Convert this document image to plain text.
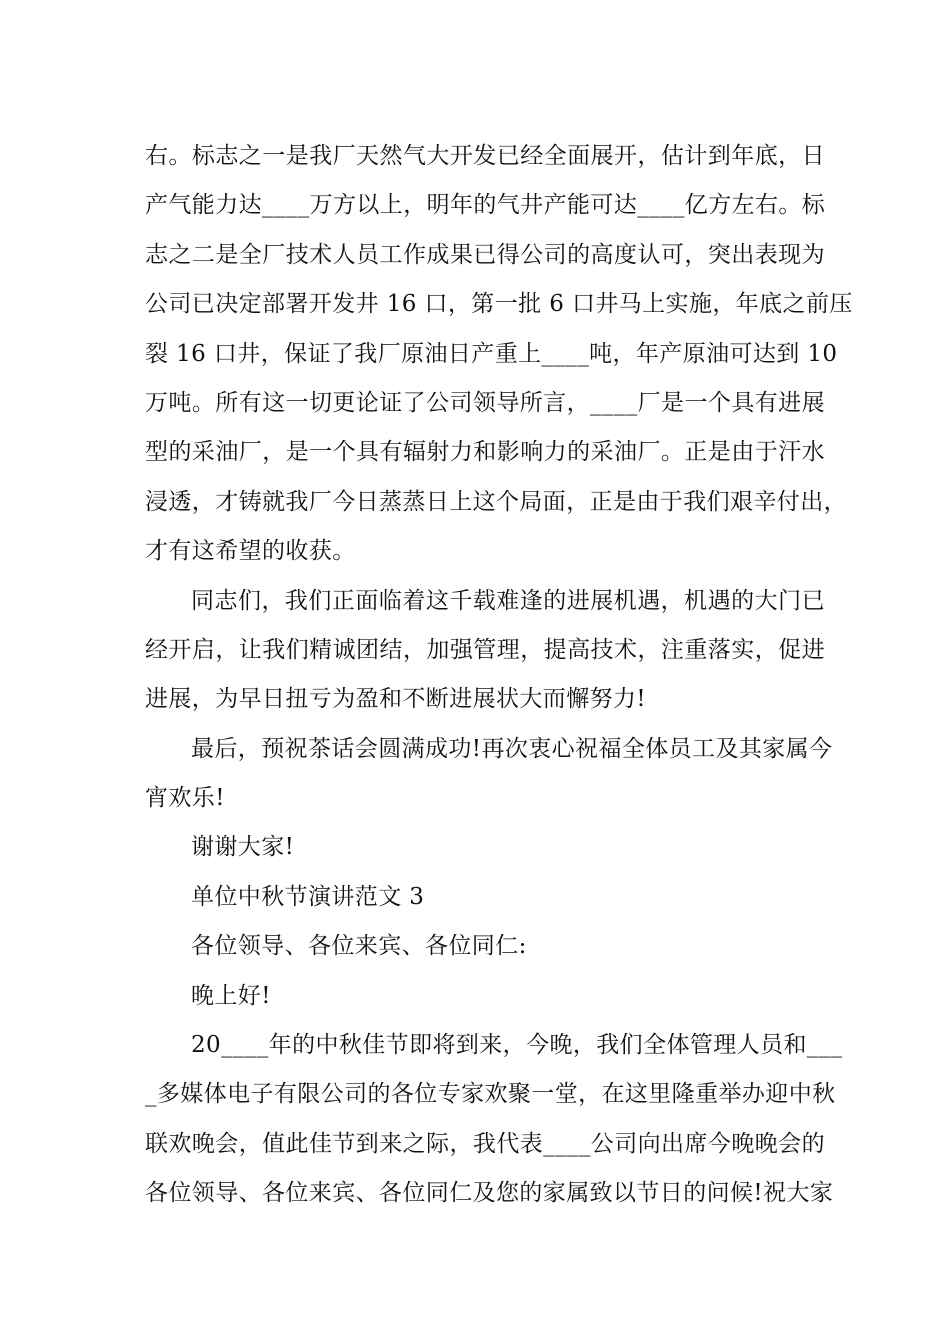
右。标志之一是我厂天然气大开发已经全面展开，估计到年底，日
产气能力达____万方以上，明年的气井产能可达____亿方左右。标
志之二是全厂技术人员工作成果已得公司的高度认可，突出表现为
公司已决定部署开发井 16 口，第一批 6 口井马上实施，年底之前压
裂 16 口井，保证了我厂原油日产重上____吨，年产原油可达到 10
万吨。所有这一切更论证了公司领导所言，____厂是一个具有进展
型的采油厂，是一个具有辐射力和影响力的采油厂。正是由于汗水
浸透，才铸就我厂今日蒸蒸日上这个局面，正是由于我们艰辛付出，
才有这希望的收获。
同志们，我们正面临着这千载难逢的进展机遇，机遇的大门已
经开启，让我们精诚团结，加强管理，提高技术，注重落实，促进
进展，为早日扭亏为盈和不断进展状大而懈努力!
最后，预祝茶话会圆满成功!再次衷心祝福全体员工及其家属今
宵欢乐!
谢谢大家!
单位中秋节演讲范文 3
各位领导、各位来宾、各位同仁:
晚上好!
20____年的中秋佳节即将到来，今晚，我们全体管理人员和___
_多媒体电子有限公司的各位专家欢聚一堂，在这里隆重举办迎中秋
联欢晚会，值此佳节到来之际，我代表____公司向出席今晚晚会的
各位领导、各位来宾、各位同仁及您的家属致以节日的问候!祝大家
